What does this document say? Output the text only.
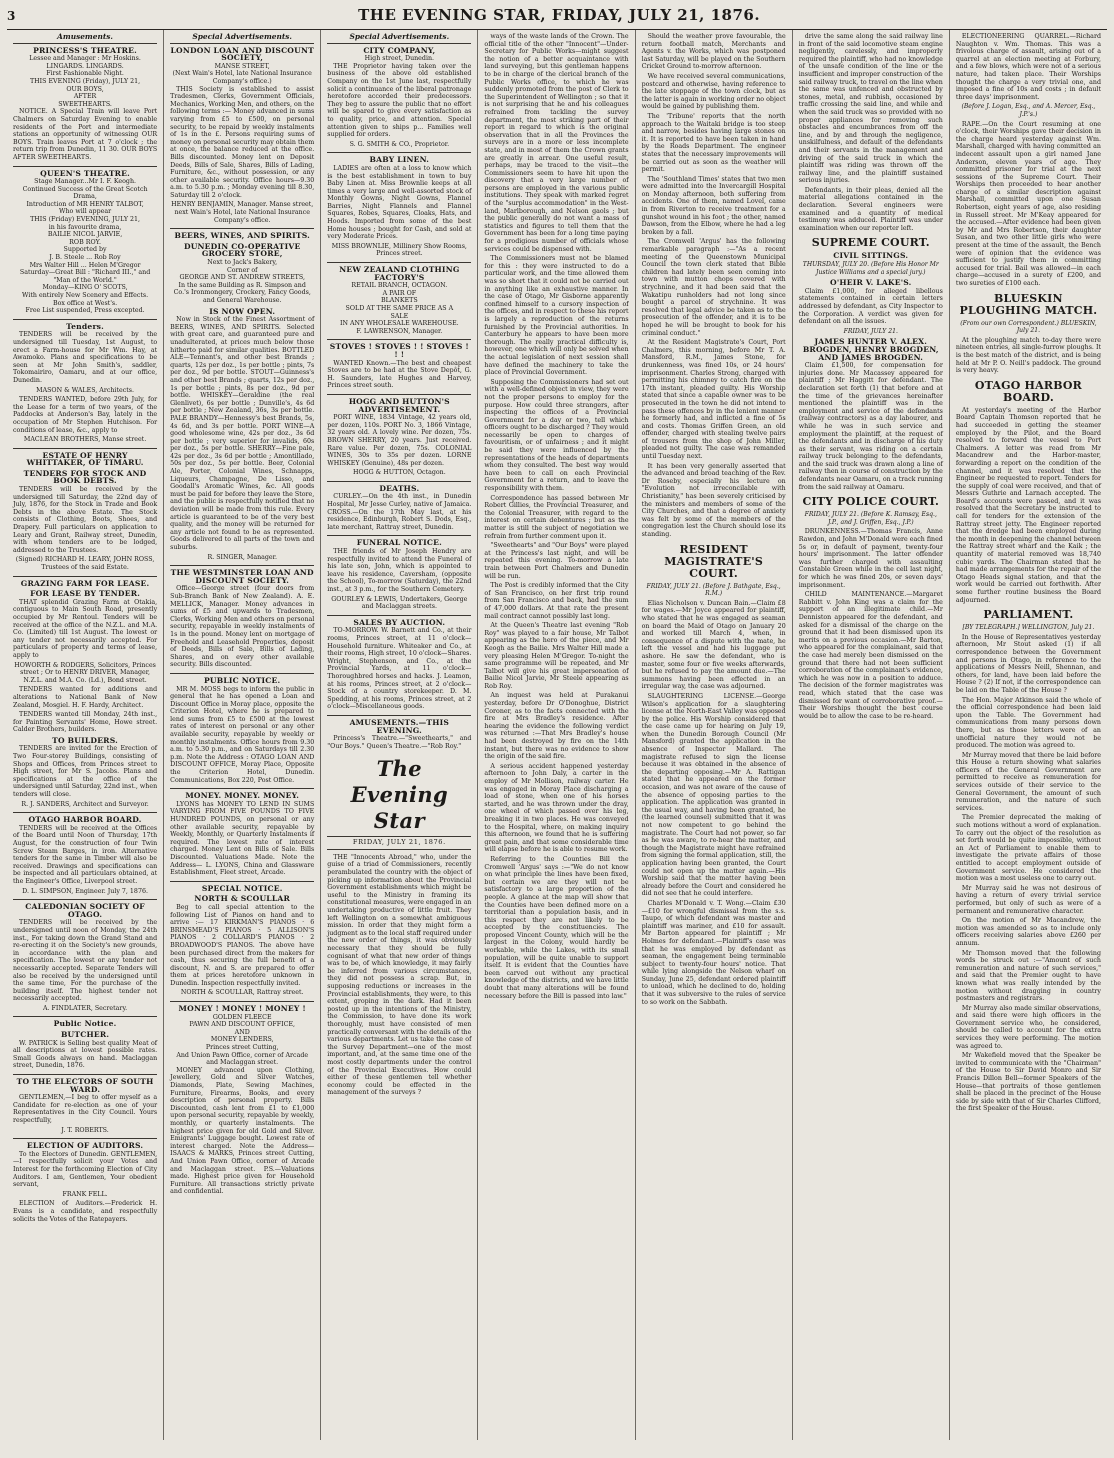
3	THE EVENING STAR, FRIDAY, JULY 21, 1876.

Amusements.
PRINCESS'S THEATRE.

Lessee and Manager : Mr Hoskins.

LINGARDS. LINGARDS.

First Fashionable Night.

THIS EVENING (Friday), JULY 21,

OUR BOYS,

AFTER

SWEETHEARTS.

NOTICE. A Special Train will leave Port Chalmers on Saturday Evening to enable residents of the Port and intermediate stations an opportunity of witnessing OUR BOYS. Train leaves Port at 7 o'clock ; the return trip from Dunedin, 11 30. OUR BOYS AFTER SWEETHEARTS.

QUEEN'S THEATRE.

Stage Manager...Mr I. F. Keogh.

Continued Success of the Great Scotch Drama,

Introduction of MR HENRY TALBOT,

Who will appear

THIS (Friday) EVENING, JULY 21,

in his favourite drama,

BAILIE NICOL JARVIE,

ROB ROY.

Supported by

J. B. Steele ... Rob Roy

Mrs Walter Hill ... Helen M'Gregor

Saturday—Great Bill : "Richard III.," and "Man of the World."

Monday—KING O' SCOTS,

With entirely New Scenery and Effects.

Box office at West's.

Free List suspended, Press excepted.

Tenders.

TENDERS will be received by the undersigned till Tuesday, 1st August, to erect a Farm-house for Mr Wm. Hay, at Awamoko. Plans and specifications to be seen at Mr John Smith's, saddler, Tokomairiro, Oamaru, and at our office, Dunedin.

MASON & WALES, Architects.

TENDERS WANTED, before 29th July, for the Lease for a term of two years, of the Paddocks at Anderson's Bay, lately in the occupation of Mr Stephen Hutchison. For conditions of lease, &c., apply to

MACLEAN BROTHERS, Manse street.

ESTATE OF HENRY WHITTAKER, OF TIMARU.
TENDERS FOR STOCK AND BOOK DEBTS.

TENDERS will be received by the undersigned till Saturday, the 22nd day of July, 1876, for the Stock in Trade and Book Debts in the above Estate. The Stock consists of Clothing, Boots, Shoes, and Drapery. Full particulars on application to Leary and Grant, Railway street, Dunedin, with whom tenders are to be lodged, addressed to the Trustees.

(Signed) RICHARD H. LEARY, JOHN ROSS, Trustees of the said Estate.

GRAZING FARM FOR LEASE.
FOR LEASE BY TENDER.

THAT splendid Grazing Farm at Otakia, contiguous to Main South Road, presently occupied by Mr Rentoul. Tenders will be received at the office of the N.Z.L. and M.A. Co. (Limited) till 1st August. The lowest or any tender not necessarily accepted. For particulars of property and terms of lease, apply to

HOWORTH & RODGERS, Solicitors, Princes street ; Or to HENRY DRIVER, Manager, N.Z.L. and M.A. Co. (Ld.), Bond street.

TENDERS wanted for additions and alterations to National Bank of New Zealand, Mosgiel. H. F. Hardy, Architect.

TENDERS wanted till Monday, 24th inst., for Painting Servants' Home, Howe street. Calder Brothers, builders.

TO BUILDERS.

TENDERS are invited for the Erection of Two Four-storey Buildings, consisting of Shops and Offices, from Princes street to High street, for Mr S. Jacobs. Plans and specifications at the office of the undersigned until Saturday, 22nd inst., when tenders will close.

R. J. SANDERS, Architect and Surveyor.

OTAGO HARBOR BOARD.

TENDERS will be received at the Offices of the Board until Noon of Thursday, 17th August, for the construction of four Twin Screw Steam Barges, in iron. Alternative tenders for the same in Timber will also be received. Drawings and specifications can be inspected and all particulars obtained, at the Engineer's Office, Liverpool street.

D. L. SIMPSON, Engineer. July 7, 1876.

CALEDONIAN SOCIETY OF OTAGO.

TENDERS will be received by the undersigned until noon of Monday, the 24th inst., For taking down the Grand Stand and re-erecting it on the Society's new grounds, in accordance with the plan and specification. The lowest or any tender not necessarily accepted. Separate Tenders will also be received by the undersigned until the same time, For the purchase of the building itself. The highest tender not necessarily accepted.

A. FINDLATER, Secretary.

Public Notice.
BUTCHER.

W. PATRICK is Selling best quality Meat of all descriptions at lowest possible rates. Small Goods always on hand. Maclaggan street, Dunedin, 1876.

TO THE ELECTORS OF SOUTH WARD.

GENTLEMEN,—I beg to offer myself as a Candidate for re-election as one of your Representatives in the City Council. Yours respectfully,

J. T. ROBERTS.

ELECTION OF AUDITORS.

To the Electors of Dunedin. GENTLEMEN,—I respectfully solicit your Votes and Interest for the forthcoming Election of City Auditors. I am, Gentlemen, Your obedient servant,

FRANK FELL.

ELECTION of Auditors.—Frederick H. Evans is a candidate, and respectfully solicits the Votes of the Ratepayers.

Special Advertisements.
LONDON LOAN AND DISCOUNT SOCIETY,

MANSE STREET,

(Next Wain's Hotel, late National Insurance Company's office.)

THIS Society is established to assist Tradesmen, Clerks, Government Officials, Mechanics, Working Men, and others, on the following terms :— Money advanced in sums varying from £5 to £500, on personal security, to be repaid by weekly instalments of 1s in the £. Persons requiring sums of money on personal security may obtain them at once, the balance reduced at the office. Bills discounted. Money lent on Deposit Deeds, Bills of Sale, Shares, Bills of Lading, Furniture, &c., without possession, or any other available security. Office hours—9.30 a.m. to 5.30 p.m. ; Monday evening till 8.30, Saturday till 2 o'clock.

HENRY BENJAMIN, Manager. Manse street, next Wain's Hotel, late National Insurance Company's office.

BEERS, WINES, AND SPIRITS.
DUNEDIN CO-OPERATIVE GROCERY STORE,

Next to Jack's Bakery,

Corner of

GEORGE AND ST. ANDREW STREETS,

In the same Building as R. Simpson and Co.'s Ironmongery, Crockery, Fancy Goods, and General Warehouse.

IS NOW OPEN.

Now in Stock of the Finest Assortment of BEERS, WINES, AND SPIRITS. Selected with great care, and guaranteed pure and unadulterated, at prices much below those hitherto paid for similar qualities. BOTTLED ALE—Tennant's, and other best Brands ; quarts, 12s per doz., 1s per bottle ; pints, 7s per doz., 9d per bottle. STOUT—Guinness's and other best Brands ; quarts, 12s per doz., 1s per bottle ; pints, 8s per doz., 9d per bottle. WHISKEY—Geraldine (the real Glenlivet), 6s per bottle ; Dunville's, 4s 6d per bottle ; New Zealand, 36s, 3s per bottle. PALE BRANDY—Hennessy's best Brands, 5s, 4s 6d, and 3s per bottle. PORT WINE—A good wholesome wine, 42s per doz., 3s 6d per bottle ; very superior for invalids, 60s per doz., 5s per bottle. SHERRY—Fine pale, 42s per doz., 3s 6d per bottle ; Amontillado, 50s per doz., 5s per bottle. Beer, Colonial Ale, Porter, Colonial Wines, Schnapps, Liqueurs, Champagne, De Lisso, and Goodall's Aromatic Wines, &c. All goods must be paid for before they leave the Store, and the public is respectfully notified that no deviation will be made from this rule. Every article is guaranteed to be of the very best quality, and the money will be returned for any article not found to be as represented. Goods delivered to all parts of the town and suburbs.

R. SINGER, Manager.

THE WESTMINSTER LOAN AND DISCOUNT SOCIETY.

Office—George street (four doors from Sub-Branch Bank of New Zealand). A. E. MELLICK, Manager. Money advances in sums of £5 and upwards to Tradesmen, Clerks, Working Men and others on personal security, repayable in weekly instalments of 1s in the pound. Money lent on mortgage of Freehold and Leasehold Properties, deposit of Deeds, Bills of Sale, Bills of Lading, Shares, and on every other available security. Bills discounted.

PUBLIC NOTICE.

MR M. MOSS begs to inform the public in general that he has opened a Loan and Discount Office in Moray place, opposite the Criterion Hotel, where he is prepared to lend sums from £5 to £500 at the lowest rates of interest on personal or any other available security, repayable by weekly or monthly instalments. Office hours from 9.30 a.m. to 5.30 p.m., and on Saturdays till 2.30 p.m. Note the Address : OTAGO LOAN AND DISCOUNT OFFICE, Moray Place, Opposite the Criterion Hotel, Dunedin. Communications, Box 220, Post Office.

MONEY. MONEY. MONEY.

LYONS has MONEY TO LEND IN SUMS VARYING FROM FIVE POUNDS TO FIVE HUNDRED POUNDS, on personal or any other available security, repayable by Weekly, Monthly, or Quarterly Instalments if required. The lowest rate of interest charged. Money Lent on Bills of Sale. Bills Discounted. Valuations Made. Note the Address— L. LYONS, China and Glassware Establishment, Fleet street, Arcade.

SPECIAL NOTICE.
NORTH & SCOULLAR

Beg to call special attention to the following List of Pianos on hand and to arrive :— 17 KIRKMAN'S PIANOS · 6 BRINSMEAD'S PIANOS · 5 ALLISON'S PIANOS · 2 COLLARD'S PIANOS · 2 BROADWOOD'S PIANOS. The above have been purchased direct from the makers for cash, thus securing the full benefit of a discount, N. and S. are prepared to offer them at prices heretofore unknown in Dunedin. Inspection respectfully invited.

NORTH & SCOULLAR, Rattray street.

MONEY ! MONEY ! MONEY !

GOLDEN FLEECE

PAWN AND DISCOUNT OFFICE,

AND

MONEY LENDERS,

Princes street Cutting,

And Union Pawn Office, corner of Arcade and Maclaggan street.

MONEY advanced upon Clothing, Jewellery, Gold and Silver Watches, Diamonds, Plate, Sewing Machines, Furniture, Firearms, Books, and every description of personal property. Bills Discounted, cash lent from £1 to £1,000 upon personal security, repayable by weekly, monthly, or quarterly instalments. The highest price given for old Gold and Silver. Emigrants' Luggage bought. Lowest rate of interest charged. Note the Address— ISAACS & MARKS, Princes street Cutting, And Union Pawn Office, corner of Arcade and Maclaggan street. P.S.—Valuations made. Highest price given for Household Furniture. All transactions strictly private and confidential.

Special Advertisements.
CITY COMPANY,

High street, Dunedin.

THE Proprietor having taken over the business of the above old established Company on the 1st June last, respectfully solicit a continuance of the liberal patronage heretofore accorded their predecessors. They beg to assure the public that no effort will be spared to give every satisfaction as to quality, price, and attention. Special attention given to ships p... Families well supplied for orders.

S. G. SMITH & CO., Proprietor.

BABY LINEN.

LADIES are often at a loss to know which is the best establishment in town to buy Baby Linen at. Miss Brownlie keeps at all times a very large and well-assorted stock of Monthly Gowns, Night Gowns, Flannel Barries, Night Flannels and Flannel Squares, Robes, Squares, Cloaks, Hats, and Hoods. Imported from some of the best Home houses ; bought for Cash, and sold at very Moderate Prices.

MISS BROWNLIE, Millinery Show Rooms, Princes street.

NEW ZEALAND CLOTHING FACTORY'S

RETAIL BRANCH, OCTAGON.

A PAIR OF

BLANKETS

SOLD AT THE SAME PRICE AS A

SALE

IN ANY WHOLESALE WAREHOUSE.

F. LAWRENSON, Manager.

STOVES ! STOVES ! ! STOVES ! ! !

WANTED Known.—The best and cheapest Stoves are to be had at the Stove Depôt, G. H. Saunders, late Hughes and Harvey, Princes street south.

HOGG AND HUTTON'S ADVERTISEMENT.

PORT WINE, 1834 Vintage, 42 years old, per dozen, 110s. PORT No. 3, 1866 Vintage, 32 years old. A lovely wine. Per dozen, 75s. BROWN SHERRY, 20 years. Just received. Rare value. Per dozen, 75s. COLONIAL WINES, 30s to 35s per dozen. LORNE WHISKEY (Genuine), 48s per dozen.

HOGG & HUTTON, Octagon.

DEATHS.

CURLEY.—On the 4th inst., in Dunedin Hospital, Mr Jesse Curley, native of Jamaica. CROSS.—On the 17th May last, at his residence, Edinburgh, Robert S. Dods, Esq., late merchant, Rattray street, Dunedin.

FUNERAL NOTICE.

THE friends of Mr Joseph Hendry are respectfully invited to attend the Funeral of his late son, John, which is appointed to leave his residence, Caversham, (opposite the School), To-morrow (Saturday), the 22nd inst., at 3 p.m., for the Southern Cemetery.

GOURLEY & LEWIS, Undertakers, George and Maclaggan streets.

SALES BY AUCTION.

TO-MORROW. W. Barnett and Co., at their rooms, Princes street, at 11 o'clock—Household furniture. Whiteaker and Co., at their rooms, High street, 10 o'clock—Shares. Wright, Stephenson, and Co., at the Provincial Yards, at 11 o'clock—Thoroughbred horses and hacks. J. Leamon, at his rooms, Princes street, at 2 o'clock—Stock of a country storekeeper. D. M. Spedding, at his rooms, Princes street, at 2 o'clock—Miscellaneous goods.

AMUSEMENTS.—THIS EVENING.

Princess's Theatre.—"Sweethearts," and "Our Boys." Queen's Theatre.—"Rob Roy."

The Evening Star
FRIDAY, JULY 21, 1876.

THE "Innocents Abroad," who, under the guise of a triad of Commissioners, recently perambulated the country with the object of picking up information about the Provincial Government establishments which might be useful to the Ministry in framing its constitutional measures, were engaged in an undertaking productive of little fruit. They left Wellington on a somewhat ambiguous mission. In order that they might form a judgment as to the local staff required under the new order of things, it was obviously necessary that they should be fully cognisant of what that new order of things was to be, of which knowledge, it may fairly be inferred from various circumstances, they did not possess a scrap. But, in supposing reductions or increases in the Provincial establishments, they were, to this extent, groping in the dark. Had it been posted up in the intentions of the Ministry, the Commission, to have done its work thoroughly, must have consisted of men practically conversant with the details of the various departments. Let us take the case of the Survey Department—one of the most important, and, at the same time one of the most costly departments under the control of the Provincial Executives. How could either of these gentlemen tell whether economy could be effected in the management of the surveys ?

ways of the waste lands of the Crown. The official title of the other "Innocent"—Under-Secretary for Public Works—might suggest the notion of a better acquaintance with land surveying, but this gentleman happens to be in charge of the clerical branch of the Public Works office, to which he was suddenly promoted from the post of Clerk to the Superintendent of Wellington ; so that it is not surprising that he and his colleagues refrained from tackling the survey department, the most striking part of their report in regard to which is the original observation that in all the Provinces the surveys are in a more or less incomplete state, and in most of them the Crown grants are greatly in arrear. One useful result, perhaps, may be traced to the visit—the Commissioners seem to have hit upon the discovery that a very large number of persons are employed in the various public institutions. They speak with marked regret of the "surplus accommodation" in the West-land, Marlborough, and Nelson gaols ; but the public generally do not want a mass of statistics and figures to tell them that the Government has been for a long time paying for a prodigious number of officials whose services could be dispensed with.

The Commissioners must not be blamed for this : they were instructed to do a particular work, and the time allowed them was so short that it could not be carried out in anything like an exhaustive manner. In the case of Otago, Mr Gisborne apparently confined himself to a cursory inspection of the offices, and in respect to these his report is largely a reproduction of the returns furnished by the Provincial authorities. In Canterbury he appears to have been more thorough. The really practical difficulty is, however, one which will only be solved when the actual legislation of next session shall have defined the machinery to take the place of Provincial Government.

Supposing the Commissioners had set out with a well-defined object in view, they were not the proper persons to employ for the purpose. How could three strangers, after inspecting the offices of a Provincial Government for a day or two, tell which officers ought to be discharged ? They would necessarily be open to charges of favouritism, or of unfairness ; and it might be said they were influenced by the representations of the heads of departments whom they consulted. The best way would have been to call on each Provincial Government for a return, and to leave the responsibility with them.

Correspondence has passed between Mr Robert Gillies, the Provincial Treasurer, and the Colonial Treasurer, with regard to the interest on certain debentures ; but as the matter is still the subject of negotiation we refrain from further comment upon it.

"Sweethearts" and "Our Boys" were played at the Princess's last night, and will be repeated this evening. To-morrow a late train between Port Chalmers and Dunedin will be run.

The Post is credibly informed that the City of San Francisco, on her first trip round from San Francisco and back, had the sum of 47,000 dollars. At that rate the present mail contract cannot possibly last long.

At the Queen's Theatre last evening "Rob Roy" was played to a fair house, Mr Talbot appearing as the hero of the piece, and Mr Keogh as the Bailie. Mrs Walter Hill made a very pleasing Helen M'Gregor. To-night the same programme will be repeated, and Mr Talbot will give his great impersonation of Bailie Nicol Jarvie, Mr Steele appearing as Rob Roy.

An inquest was held at Purakanui yesterday, before Dr O'Donoghue, District Coroner, as to the facts connected with the fire at Mrs Bradley's residence. After hearing the evidence the following verdict was returned :—That Mrs Bradley's house had been destroyed by fire on the 14th instant, but there was no evidence to show the origin of the said fire.

A serious accident happened yesterday afternoon to John Daly, a carter in the employ of Mr Mollison, railway carter. He was engaged in Moray Place discharging a load of stone, when one of his horses started, and he was thrown under the dray, one wheel of which passed over his leg, breaking it in two places. He was conveyed to the Hospital, where, on making inquiry this afternoon, we found that he is suffering great pain, and that some considerable time will elapse before he is able to resume work.

Referring to the Counties Bill the Cromwell 'Argus' says :—"We do not know on what principle the lines have been fixed, but certain we are they will not be satisfactory to a large proportion of the people. A glance at the map will show that the Counties have been defined more on a territorial than a population basis, and in this respect they are not likely to be accepted by the constituencies. The proposed Vincent County, which will be the largest in the Colony, would hardly be workable, while the Lakes, with its small population, will be quite unable to support itself. It is evident that the Counties have been carved out without any practical knowledge of the districts, and we have little doubt that many alterations will be found necessary before the Bill is passed into law."

Should the weather prove favourable, the return football match, Merchants and Agents v. the Works, which was postponed last Saturday, will be played on the Southern Cricket Ground to-morrow afternoon.

We have received several communications, postcard and otherwise, having reference to the late stoppage of the town clock, but as the latter is again in working order no object would be gained by publishing them.

The 'Tribune' reports that the north approach to the Waitaki bridge is too steep and narrow, besides having large stones on it. It is reported to have been taken in hand by the Roads Department. The engineer states that the necessary improvements will be carried out as soon as the weather will permit.

The 'Southland Times' states that two men were admitted into the Invercargill Hospital on Monday afternoon, both suffering from accidents. One of them, named Lovel, came in from Riverton to receive treatment for a gunshot wound in his foot ; the other, named Dawson, from the Elbow, where he had a leg broken by a fall.

The Cromwell 'Argus' has the following remarkable paragraph :—"As a recent meeting of the Queenstown Municipal Council the town clerk stated that Bible children had lately been seen coming into town with mutton chops covered with strychnine, and it had been said that the Wakatipu runholders had not long since bought a parcel of strychnine. It was resolved that legal advice be taken as to the prosecution of the offender, and it is to be hoped he will be brought to book for his criminal conduct."

At the Resident Magistrate's Court, Port Chalmers, this morning, before Mr T. A. Mansford, R.M., James Stone, for drunkenness, was fined 10s, or 24 hours' imprisonment. Charles Strong, charged with permitting his chimney to catch fire on the 17th instant, pleaded guilty. His Worship stated that since a capable owner was to be prosecuted in the town he did not intend to pass these offences by in the lenient manner he formerly had, and inflicted a fine of 5s and costs. Thomas Griffen Green, an old offender, charged with stealing twelve pairs of trousers from the shop of John Miller, pleaded not guilty. The case was remanded until Tuesday next.

It has been very generally asserted that the advanced and broad teaching of the Rev. Dr Roseby, especially his lecture on "Evolution not irreconcilable with Christianity," has been severely criticised by the ministers and members of some of the City Churches, and that a degree of anxiety was felt by some of the members of the congregation lest the Church should lose its standing.

RESIDENT MAGISTRATE'S COURT.
FRIDAY, JULY 21. (Before J. Bathgate, Esq., R.M.)

Elias Nicholson v. Duncan Bain.—Claim £8 for wages.—Mr Joyce appeared for plaintiff, who stated that he was engaged as seaman on board the Maid of Otago on January 20 and worked till March 4, when, in consequence of a dispute with the mate, he left the vessel and had his luggage put ashore. He saw the defendant, who is master, some four or five weeks afterwards, but he refused to pay the amount due.—The summons having been effected in an irregular way, the case was adjourned.

SLAUGHTERING LICENSE.—George Wilson's application for a slaughtering license at the North-East Valley was opposed by the police. His Worship considered that the case came up for hearing on July 19, when the Dunedin Borough Council (Mr Mansford) granted the application in the absence of Inspector Mallard. The magistrate refused to sign the license because it was obtained in the absence of the departing opposing.—Mr A. Rattigan stated that he appeared on the former occasion, and was not aware of the cause of the absence of opposing parties to the application. The application was granted in the usual way, and having been granted, he (the learned counsel) submitted that it was not now competent to go behind the magistrate. The Court had not power, so far as he was aware, to re-hear the matter, and though the Magistrate might have refrained from signing the formal application, still, the application having been granted, the Court could not open up the matter again.—His Worship said that the matter having been already before the Court and considered he did not see that he could interfere.

Charles M'Donald v. T. Wong.—Claim £30—£10 for wrongful dismissal from the s.s. Taupo, of which defendant was master and plaintiff was mariner, and £10 for assault. Mr Barton appeared for plaintiff ; Mr Holmes for defendant.—Plaintiff's case was that he was employed by defendant as seaman, the engagement being terminable subject to twenty-four hours' notice. That while lying alongside the Nelson wharf on Sunday, June 25, defendant ordered plaintiff to unload, which he declined to do, holding that it was subversive to the rules of service to so work on the Sabbath.

drive the same along the said railway line in front of the said locomotive steam engine negligently, carelessly, and improperly required the plaintiff, who had no knowledge of the unsafe condition of the line or the insufficient and improper construction of the said railway truck, to travel on the line when the same was unfenced and obstructed by stones, metal, and rubbish, occasioned by traffic crossing the said line, and while and when the said truck was so provided with no proper appliances for removing such obstacles and encumbrances from off the line, and by and through the negligence, unskilfulness, and default of the defendants and their servants in the management and driving of the said truck in which the plaintiff was riding was thrown off the railway line, and the plaintiff sustained serious injuries.

Defendants, in their pleas, denied all the material allegations contained in the declaration. Several engineers were examined and a quantity of medical testimony was adduced. Plaintiff was under examination when our reporter left.

SUPREME COURT.
CIVIL SITTINGS.
THURSDAY, JULY 20. (Before His Honor Mr Justice Williams and a special jury.)
O'HEIR V. LAKE'S.

Claim £1,000, for alleged libellous statements contained in certain letters addressed by defendant, as City Inspector to the Corporation. A verdict was given for defendant on all the issues.

FRIDAY, JULY 21.
JAMES HUNTER V. ALEX. BROGDEN, HENRY BROGDEN, AND JAMES BROGDEN.

Claim £1,500, for compensation for injuries done. Mr Macassey appeared for plaintiff ; Mr Haggitt for defendant. The declaration set forth (1) that before and at the time of the grievances hereinafter mentioned the plaintiff was in the employment and service of the defendants (railway contractors) as a day labourer, and while he was in such service and employment the plaintiff, at the request of the defendants and in discharge of his duty as their servant, was riding on a certain railway truck belonging to the defendants, and the said truck was drawn along a line of railway then in course of construction by the defendants near Oamaru, on a track running from the said railway at Oamaru.

CITY POLICE COURT.
FRIDAY, JULY 21. (Before K. Ramsay, Esq., J.P., and J. Griffen, Esq., J.P.)

DRUNKENNESS.—Thomas Francis, Anne Rawdon, and John M'Donald were each fined 5s or, in default of payment, twenty-four hours' imprisonment. The latter offender was further charged with assaulting Constable Green while in the cell last night, for which he was fined 20s, or seven days' imprisonment.

CHILD MAINTENANCE.—Margaret Rabbitt v. John King was a claim for the support of an illegitimate child.—Mr Denniston appeared for the defendant, and asked for a dismissal of the charge on the ground that it had been dismissed upon its merits on a previous occasion.—Mr Barton, who appeared for the complainant, said that the case had merely been dismissed on the ground that there had not been sufficient corroboration of the complainant's evidence, which he was now in a position to adduce. The decision of the former magistrates was read, which stated that the case was dismissed for want of corroborative proof.—Their Worships thought the best course would be to allow the case to be re-heard.

ELECTIONEERING QUARREL.—Richard Naughton v. Wm. Thomas. This was a frivolous charge of assault, arising out of a quarrel at an election meeting at Forbury, and a few blows, which were not of a serious nature, had taken place. Their Worships thought the charge a very trivial one, and imposed a fine of 10s and costs ; in default three days' imprisonment.

(Before J. Logan, Esq., and A. Mercer, Esq., J.P.'s.)

RAPE.—On the Court resuming at one o'clock, their Worships gave their decision in the charge heard yesterday against Wm. Marshall, charged with having committed an indecent assault upon a girl named Jane Anderson, eleven years of age. They committed prisoner for trial at the next sessions of the Supreme Court. Their Worships then proceeded to hear another charge of a similar description against Marshall, committed upon one Susan Robertson, eight years of age, also residing in Russell street. Mr M'Keay appeared for the accused.—After evidence had been given by Mr and Mrs Robertson, their daughter Susan, and two other little girls who were present at the time of the assault, the Bench were of opinion that the evidence was sufficient to justify them in committing accused for trial. Bail was allowed—in each charge—accused in a surety of £200, and two sureties of £100 each.

BLUESKIN PLOUGHING MATCH.
(From our own Correspondent.) BLUESKIN, July 21.

At the ploughing match to-day there were nineteen entries, all single-furrow ploughs. It is the best match of the district, and is being held at Mr P. O. Neill's paddock. The ground is very heavy.

OTAGO HARBOR BOARD.

At yesterday's meeting of the Harbor Board Captain Thomson reported that he had succeeded in getting the steamer employed by the Pilot, and the Board resolved to forward the vessel to Port Chalmers. A letter was read from Mr Macandrew and the Harbor-master, forwarding a report on the condition of the channel, and it was resolved that the Engineer be requested to report. Tenders for the supply of coal were received, and that of Messrs Guthrie and Larnach accepted. The Board's accounts were passed, and it was resolved that the Secretary be instructed to call for tenders for the extension of the Rattray street jetty. The Engineer reported that the dredge had been employed during the month in deepening the channel between the Rattray street wharf and the Kaik ; the quantity of material removed was 18,740 cubic yards. The Chairman stated that he had made arrangements for the repair of the Otago Heads signal station, and that the work would be carried out forthwith. After some further routine business the Board adjourned.

PARLIAMENT.
[BY TELEGRAPH.] WELLINGTON, July 21.

In the House of Representatives yesterday afternoon, Mr Stout asked (1) if all correspondence between the Government and persons in Otago, in reference to the applications of Messrs Neill, Shennan, and others, for land, have been laid before the House ? (2) If not, if the correspondence can be laid on the Table of the House ?

The Hon. Major Atkinson said the whole of the official correspondence had been laid upon the Table. The Government had communications from many persons down there, but as those letters were of an unofficial nature they would not be produced. The motion was agreed to.

Mr Murray moved that there be laid before this House a return showing what salaries officers of the General Government are permitted to receive as remuneration for services outside of their service to the General Government, the amount of such remuneration, and the nature of such services.

The Premier deprecated the making of such motions without a word of explanation. To carry out the object of the resolution as set forth would be quite impossible, without an Act of Parliament to enable them to investigate the private affairs of those entitled to accept employment outside of Government service. He considered the motion was a most useless one to carry out.

Mr Murray said he was not desirous of having a return of every trivial service performed, but only of such as were of a permanent and remunerative character.

On the motion of Mr Macandrew, the motion was amended so as to include only officers receiving salaries above £260 per annum.

Mr Thomson moved that the following words be struck out :—"Amount of such remuneration and nature of such services," and said that the Premier ought to have known what was really intended by the motion without dragging in country postmasters and registrars.

Mr Murray also made similar observations, and said there were high officers in the Government service who, he considered, should be called to account for the extra services they were performing. The motion was agreed to.

Mr Wakefield moved that the Speaker be invited to communicate with the "Chairman" of the House to Sir David Monro and Sir Francis Dillon Bell—former Speakers of the House—that portraits of those gentlemen shall be placed in the precinct of the House side by side with that of Sir Charles Clifford, the first Speaker of the House.
